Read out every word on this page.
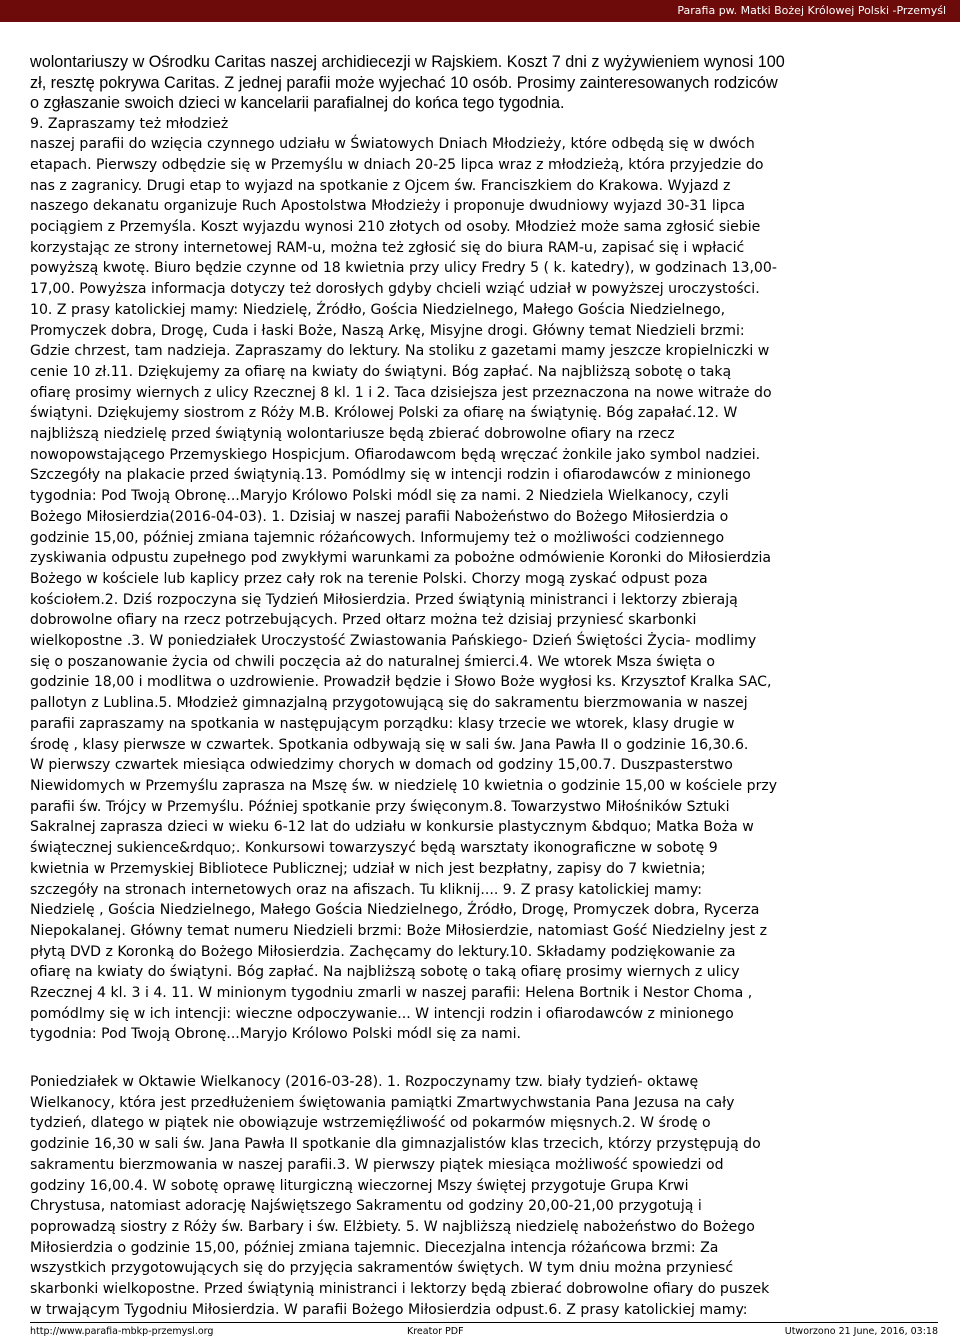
Parafia pw. Matki Bożej Królowej Polski -Przemyśl

wolontariuszy w Ośrodku Caritas naszej archidiecezji w Rajskiem. Koszt 7 dni z wyżywieniem wynosi 100
zł, resztę pokrywa Caritas. Z jednej parafii może wyjechać 10 osób. Prosimy zainteresowanych rodziców
o zgłaszanie swoich dzieci w kancelarii parafialnej do końca tego tygodnia.

9. Zapraszamy też młodzież
naszej parafii do wzięcia czynnego udziału w Światowych Dniach Młodzieży, które odbędą się w dwóch
etapach. Pierwszy odbędzie się w Przemyślu w dniach 20-25 lipca wraz z młodzieżą, która przyjedzie do
nas z zagranicy. Drugi etap to wyjazd na spotkanie z Ojcem św. Franciszkiem do Krakowa. Wyjazd z
naszego dekanatu organizuje Ruch Apostolstwa Młodzieży i proponuje dwudniowy wyjazd 30-31 lipca
pociągiem z Przemyśla. Koszt wyjazdu wynosi 210 złotych od osoby. Młodzież może sama zgłosić siebie
korzystając ze strony internetowej RAM-u, można też zgłosić się do biura RAM-u, zapisać się i wpłacić
powyższą kwotę. Biuro będzie czynne od 18 kwietnia przy ulicy Fredry 5 ( k. katedry), w godzinach 13,00-
17,00. Powyższa informacja dotyczy też dorosłych gdyby chcieli wziąć udział w powyższej uroczystości.
10. Z prasy katolickiej mamy: Niedzielę, Źródło, Gościa Niedzielnego, Małego Gościa Niedzielnego,
Promyczek dobra, Drogę, Cuda i łaski Boże, Naszą Arkę, Misyjne drogi. Główny temat Niedzieli brzmi:
Gdzie chrzest, tam nadzieja. Zapraszamy do lektury. Na stoliku z gazetami mamy jeszcze kropielniczki w
cenie 10 zł.11. Dziękujemy za ofiarę na kwiaty do świątyni. Bóg zapłać. Na najbliższą sobotę o taką
ofiarę prosimy wiernych z ulicy Rzecznej 8 kl. 1 i 2. Taca dzisiejsza jest przeznaczona na nowe witraże do
świątyni. Dziękujemy siostrom z Róży M.B. Królowej Polski za ofiarę na świątynię. Bóg zapałać.12. W
najbliższą niedzielę przed świątynią wolontariusze będą zbierać dobrowolne ofiary na rzecz
nowopowstającego Przemyskiego Hospicjum. Ofiarodawcom będą wręczać żonkile jako symbol nadziei.
Szczegóły na plakacie przed świątynią.13. Pomódlmy się w intencji rodzin i ofiarodawców z minionego
tygodnia: Pod Twoją Obronę...Maryjo Królowo Polski módl się za nami. 2 Niedziela Wielkanocy, czyli
Bożego Miłosierdzia(2016-04-03). 1. Dzisiaj w naszej parafii Nabożeństwo do Bożego Miłosierdzia o
godzinie 15,00, później zmiana tajemnic różańcowych. Informujemy też o możliwości codziennego
zyskiwania odpustu zupełnego pod zwykłymi warunkami za pobożne odmówienie Koronki do Miłosierdzia
Bożego w kościele lub kaplicy przez cały rok na terenie Polski. Chorzy mogą zyskać odpust poza
kościołem.2. Dziś rozpoczyna się Tydzień Miłosierdzia. Przed świątynią ministranci i lektorzy zbierają
dobrowolne ofiary na rzecz potrzebujących. Przed ołtarz można też dzisiaj przyniesć skarbonki
wielkopostne .3. W poniedziałek Uroczystość Zwiastowania Pańskiego- Dzień Świętości Życia- modlimy
się o poszanowanie życia od chwili poczęcia aż do naturalnej śmierci.4. We wtorek Msza święta o
godzinie 18,00 i modlitwa o uzdrowienie. Prowadził będzie i Słowo Boże wygłosi ks. Krzysztof Kralka SAC,
pallotyn z Lublina.5. Młodzież gimnazjalną przygotowującą się do sakramentu bierzmowania w naszej
parafii zapraszamy na spotkania w następującym porządku: klasy trzecie we wtorek, klasy drugie w
środę , klasy pierwsze w czwartek. Spotkania odbywają się w sali św. Jana Pawła II o godzinie 16,30.6.
W pierwszy czwartek miesiąca odwiedzimy chorych w domach od godziny 15,00.7. Duszpasterstwo
Niewidomych w Przemyślu zaprasza na Mszę św. w niedzielę 10 kwietnia o godzinie 15,00 w kościele przy
parafii św. Trójcy w Przemyślu. Później spotkanie przy święconym.8. Towarzystwo Miłośników Sztuki
Sakralnej zaprasza dzieci w wieku 6-12 lat do udziału w konkursie plastycznym &bdquo; Matka Boża w
świątecznej sukience&rdquo;. Konkursowi towarzyszyć będą warsztaty ikonograficzne w sobotę 9
kwietnia w Przemyskiej Bibliotece Publicznej; udział w nich jest bezpłatny, zapisy do 7 kwietnia;
szczegóły na stronach internetowych oraz na afiszach. Tu kliknij.... 9. Z prasy katolickiej mamy:
Niedzielę , Gościa Niedzielnego, Małego Gościa Niedzielnego, Źródło, Drogę, Promyczek dobra, Rycerza
Niepokalanej. Główny temat numeru Niedzieli brzmi: Boże Miłosierdzie, natomiast Gość Niedzielny jest z
płytą DVD z Koronką do Bożego Miłosierdzia. Zachęcamy do lektury.10. Składamy podziękowanie za
ofiarę na kwiaty do świątyni. Bóg zapłać. Na najbliższą sobotę o taką ofiarę prosimy wiernych z ulicy
Rzecznej 4 kl. 3 i 4. 11. W minionym tygodniu zmarli w naszej parafii: Helena Bortnik i Nestor Choma ,
pomódlmy się w ich intencji: wieczne odpoczywanie... W intencji rodzin i ofiarodawców z minionego
tygodnia: Pod Twoją Obronę...Maryjo Królowo Polski módl się za nami.

Poniedziałek w Oktawie Wielkanocy (2016-03-28). 1. Rozpoczynamy tzw. biały tydzień- oktawę
Wielkanocy, która jest przedłużeniem świętowania pamiątki Zmartwychwstania Pana Jezusa na cały
tydzień, dlatego w piątek nie obowiązuje wstrzemięźliwość od pokarmów mięsnych.2. W środę o
godzinie 16,30 w sali św. Jana Pawła II spotkanie dla gimnazjalistów klas trzecich, którzy przystępują do
sakramentu bierzmowania w naszej parafii.3. W pierwszy piątek miesiąca możliwość spowiedzi od
godziny 16,00.4. W sobotę oprawę liturgiczną wieczornej Mszy świętej przygotuje Grupa Krwi
Chrystusa, natomiast adorację Najświętszego Sakramentu od godziny 20,00-21,00 przygotują i
poprowadzą siostry z Róży św. Barbary i św. Elżbiety. 5. W najbliższą niedzielę nabożeństwo do Bożego
Miłosierdzia o godzinie 15,00, później zmiana tajemnic. Diecezjalna intencja różańcowa brzmi: Za
wszystkich przygotowujących się do przyjęcia sakramentów świętych. W tym dniu można przyniesć
skarbonki wielkopostne. Przed świątynią ministranci i lektorzy będą zbierać dobrowolne ofiary do puszek
w trwającym Tygodniu Miłosierdzia. W parafii Bożego Miłosierdzia odpust.6. Z prasy katolickiej mamy:

http://www.parafia-mbkp-przemysl.org	Kreator PDF	Utworzono 21 June, 2016, 03:18
